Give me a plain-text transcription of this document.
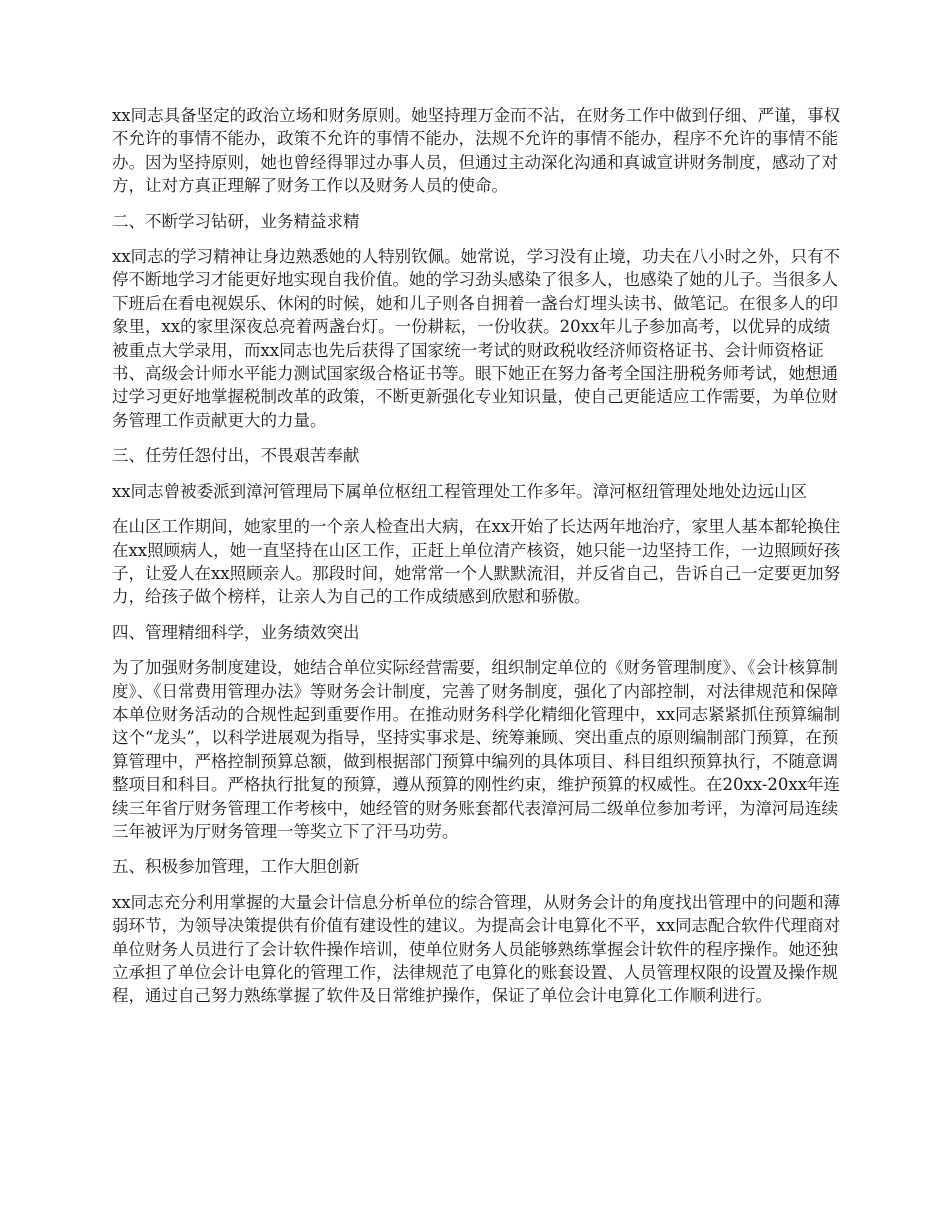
xx同志具备坚定的政治立场和财务原则。她坚持理万金而不沾，在财务工作中做到仔细、严谨，事权不允许的事情不能办，政策不允许的事情不能办，法规不允许的事情不能办，程序不允许的事情不能办。因为坚持原则，她也曾经得罪过办事人员，但通过主动深化沟通和真诚宣讲财务制度，感动了对方，让对方真正理解了财务工作以及财务人员的使命。

二、不断学习钻研，业务精益求精

xx同志的学习精神让身边熟悉她的人特别钦佩。她常说，学习没有止境，功夫在八小时之外，只有不停不断地学习才能更好地实现自我价值。她的学习劲头感染了很多人，也感染了她的儿子。当很多人下班后在看电视娱乐、休闲的时候，她和儿子则各自拥着一盏台灯埋头读书、做笔记。在很多人的印象里，xx的家里深夜总亮着两盏台灯。一份耕耘，一份收获。20xx年儿子参加高考，以优异的成绩被重点大学录用，而xx同志也先后获得了国家统一考试的财政税收经济师资格证书、会计师资格证书、高级会计师水平能力测试国家级合格证书等。眼下她正在努力备考全国注册税务师考试，她想通过学习更好地掌握税制改革的政策，不断更新强化专业知识量，使自己更能适应工作需要，为单位财务管理工作贡献更大的力量。

三、任劳任怨付出，不畏艰苦奉献

xx同志曾被委派到漳河管理局下属单位枢纽工程管理处工作多年。漳河枢纽管理处地处边远山区

在山区工作期间，她家里的一个亲人检查出大病，在xx开始了长达两年地治疗，家里人基本都轮换住在xx照顾病人，她一直坚持在山区工作，正赶上单位清产核资，她只能一边坚持工作，一边照顾好孩子，让爱人在xx照顾亲人。那段时间，她常常一个人默默流泪，并反省自己，告诉自己一定要更加努力，给孩子做个榜样，让亲人为自己的工作成绩感到欣慰和骄傲。

四、管理精细科学，业务绩效突出

为了加强财务制度建设，她结合单位实际经营需要，组织制定单位的《财务管理制度》、《会计核算制度》、《日常费用管理办法》等财务会计制度，完善了财务制度，强化了内部控制，对法律规范和保障本单位财务活动的合规性起到重要作用。在推动财务科学化精细化管理中，xx同志紧紧抓住预算编制这个“龙头”，以科学进展观为指导，坚持实事求是、统筹兼顾、突出重点的原则编制部门预算，在预算管理中，严格控制预算总额，做到根据部门预算中编列的具体项目、科目组织预算执行，不随意调整项目和科目。严格执行批复的预算，遵从预算的刚性约束，维护预算的权威性。在20xx-20xx年连续三年省厅财务管理工作考核中，她经管的财务账套都代表漳河局二级单位参加考评，为漳河局连续三年被评为厅财务管理一等奖立下了汗马功劳。

五、积极参加管理，工作大胆创新

xx同志充分利用掌握的大量会计信息分析单位的综合管理，从财务会计的角度找出管理中的问题和薄弱环节，为领导决策提供有价值有建设性的建议。为提高会计电算化不平，xx同志配合软件代理商对单位财务人员进行了会计软件操作培训，使单位财务人员能够熟练掌握会计软件的程序操作。她还独立承担了单位会计电算化的管理工作，法律规范了电算化的账套设置、人员管理权限的设置及操作规程，通过自己努力熟练掌握了软件及日常维护操作，保证了单位会计电算化工作顺利进行。
